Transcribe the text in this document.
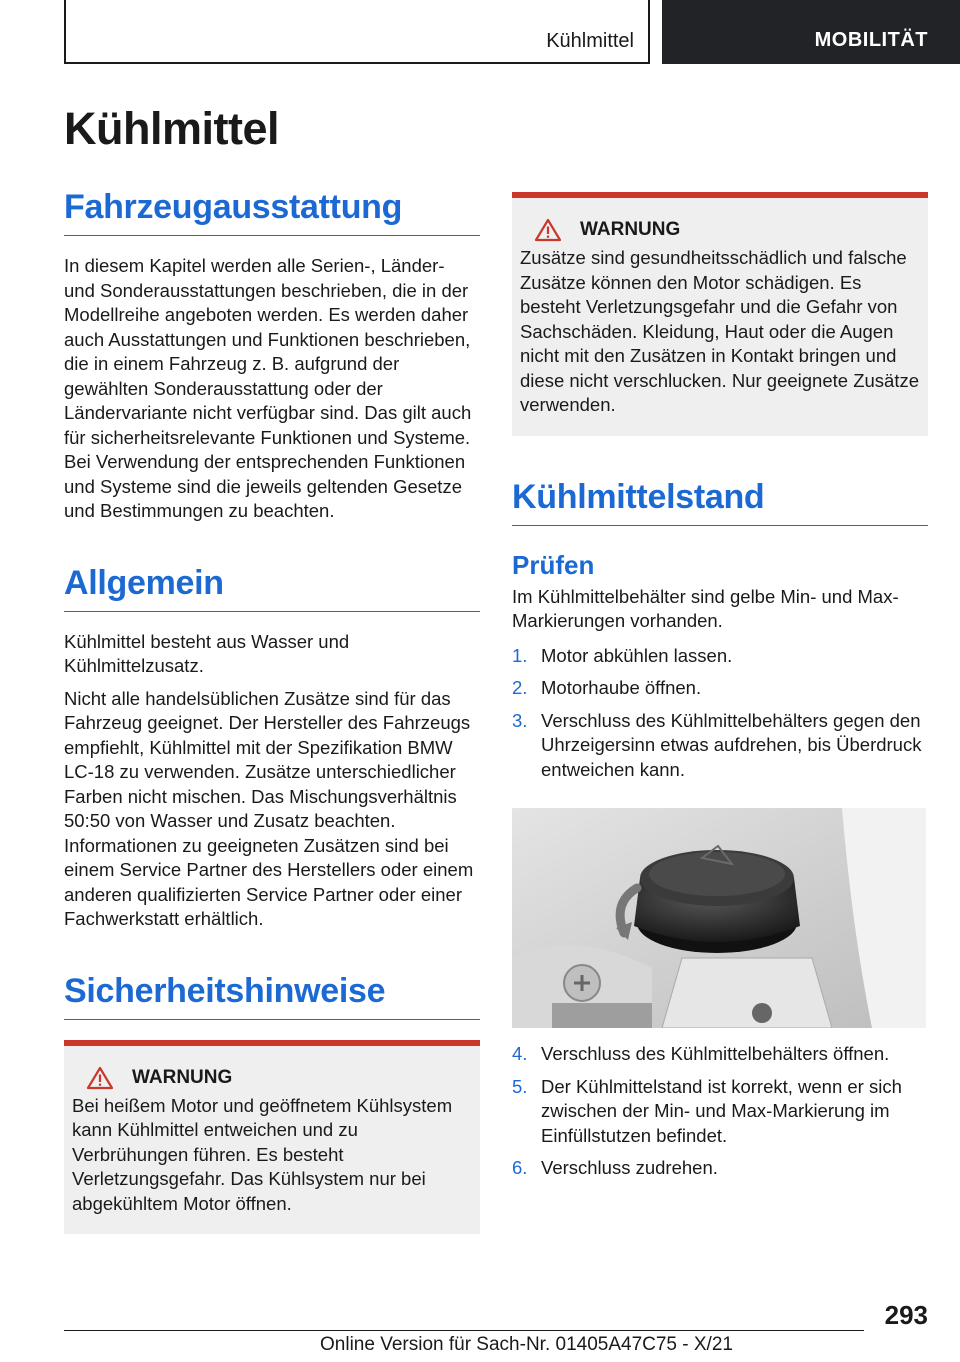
Kühlmittel	MOBILITÄT
Kühlmittel
Fahrzeugausstattung

In diesem Kapitel werden alle Serien-, Länder- und Sonderausstattungen beschrieben, die in der Modellreihe angeboten werden. Es werden daher auch Ausstattungen und Funktionen beschrieben, die in einem Fahrzeug z. B. aufgrund der gewählten Sonderausstattung oder der Ländervariante nicht verfügbar sind. Das gilt auch für sicherheitsrelevante Funktionen und Systeme. Bei Verwendung der entsprechenden Funktionen und Systeme sind die jeweils geltenden Gesetze und Bestimmungen zu beachten.

Allgemein

Kühlmittel besteht aus Wasser und Kühlmittelzusatz.

Nicht alle handelsüblichen Zusätze sind für das Fahrzeug geeignet. Der Hersteller des Fahrzeugs empfiehlt, Kühlmittel mit der Spezifikation BMW LC-18 zu verwenden. Zusätze unterschiedlicher Farben nicht mischen. Das Mischungsverhältnis 50:50 von Wasser und Zusatz beachten. Informationen zu geeigneten Zusätzen sind bei einem Service Partner des Herstellers oder einem anderen qualifizierten Service Partner oder einer Fachwerkstatt erhältlich.

Sicherheitshinweise
WARNUNG

Bei heißem Motor und geöffnetem Kühlsystem kann Kühlmittel entweichen und zu Verbrühungen führen. Es besteht Verletzungsgefahr. Das Kühlsystem nur bei abgekühltem Motor öffnen.

WARNUNG

Zusätze sind gesundheitsschädlich und falsche Zusätze können den Motor schädigen. Es besteht Verletzungsgefahr und die Gefahr von Sachschäden. Kleidung, Haut oder die Augen nicht mit den Zusätzen in Kontakt bringen und diese nicht verschlucken. Nur geeignete Zusätze verwenden.

Kühlmittelstand
Prüfen

Im Kühlmittelbehälter sind gelbe Min- und Max-Markierungen vorhanden.

1. Motor abkühlen lassen.
2. Motorhaube öffnen.
3. Verschluss des Kühlmittelbehälters gegen den Uhrzeigersinn etwas aufdrehen, bis Überdruck entweichen kann.
4. Verschluss des Kühlmittelbehälters öffnen.
5. Der Kühlmittelstand ist korrekt, wenn er sich zwischen der Min- und Max-Markierung im Einfüllstutzen befindet.
6. Verschluss zudrehen.
293
Online Version für Sach-Nr. 01405A47C75 - X/21
